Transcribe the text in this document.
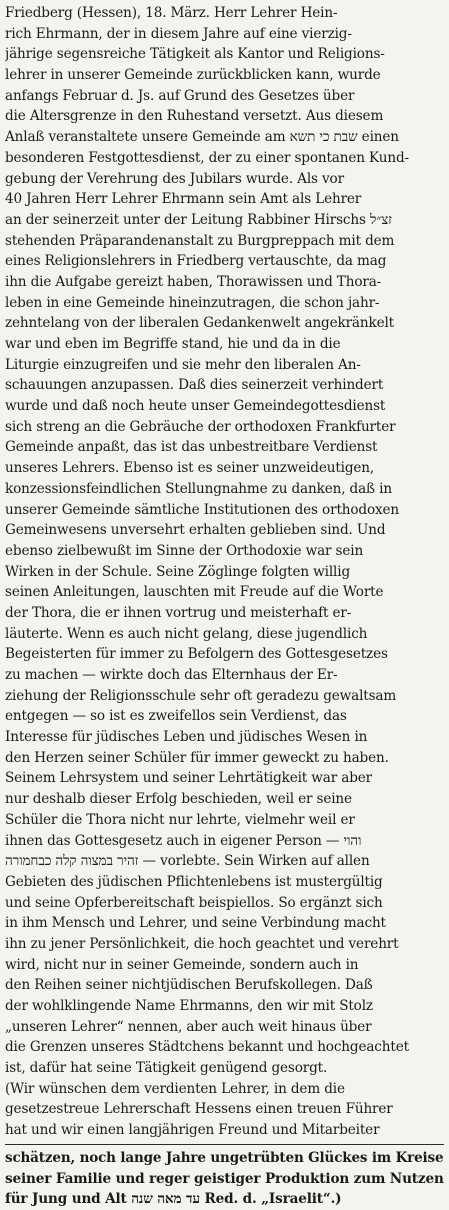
Friedberg (Hessen), 18. März. Herr Lehrer Hein-
rich Ehrmann, der in diesem Jahre auf eine vierzig-
jährige segensreiche Tätigkeit als Kantor und Religions-
lehrer in unserer Gemeinde zurückblicken kann, wurde
anfangs Februar d. Js. auf Grund des Gesetzes über
die Altersgrenze in den Ruhestand versetzt. Aus diesem
Anlaß veranstaltete unsere Gemeinde am שבת כי תשא einen
besonderen Festgottesdienst, der zu einer spontanen Kund-
gebung der Verehrung des Jubilars wurde. Als vor
40 Jahren Herr Lehrer Ehrmann sein Amt als Lehrer
an der seinerzeit unter der Leitung Rabbiner Hirschs זצ״ל
stehenden Präparandenanstalt zu Burgpreppach mit dem
eines Religionslehrers in Friedberg vertauschte, da mag
ihn die Aufgabe gereizt haben, Thorawissen und Thora-
leben in eine Gemeinde hineinzutragen, die schon jahr-
zehntelang von der liberalen Gedankenwelt angekränkelt
war und eben im Begriffe stand, hie und da in die
Liturgie einzugreifen und sie mehr den liberalen An-
schauungen anzupassen. Daß dies seinerzeit verhindert
wurde und daß noch heute unser Gemeindegottesdienst
sich streng an die Gebräuche der orthodoxen Frankfurter
Gemeinde anpaßt, das ist das unbestreitbare Verdienst
unseres Lehrers. Ebenso ist es seiner unzweideutigen,
konzessionsfeindlichen Stellungnahme zu danken, daß in
unserer Gemeinde sämtliche Institutionen des orthodoxen
Gemeinwesens unversehrt erhalten geblieben sind. Und
ebenso zielbewußt im Sinne der Orthodoxie war sein
Wirken in der Schule. Seine Zöglinge folgten willig
seinen Anleitungen, lauschten mit Freude auf die Worte
der Thora, die er ihnen vortrug und meisterhaft er-
läuterte. Wenn es auch nicht gelang, diese jugendlich
Begeisterten für immer zu Befolgern des Gottesgesetzes
zu machen — wirkte doch das Elternhaus der Er-
ziehung der Religionsschule sehr oft geradezu gewaltsam
entgegen — so ist es zweifellos sein Verdienst, das
Interesse für jüdisches Leben und jüdisches Wesen in
den Herzen seiner Schüler für immer geweckt zu haben.
Seinem Lehrsystem und seiner Lehrtätigkeit war aber
nur deshalb dieser Erfolg beschieden, weil er seine
Schüler die Thora nicht nur lehrte, vielmehr weil er
ihnen das Gottesgesetz auch in eigener Person — והוי
זהיר במצוה קלה כבחמורה — vorlebte. Sein Wirken auf allen
Gebieten des jüdischen Pflichtenlebens ist mustergültig
und seine Opferbereitschaft beispiellos. So ergänzt sich
in ihm Mensch und Lehrer, und seine Verbindung macht
ihn zu jener Persönlichkeit, die hoch geachtet und verehrt
wird, nicht nur in seiner Gemeinde, sondern auch in
den Reihen seiner nichtjüdischen Berufskollegen. Daß
der wohlklingende Name Ehrmanns, den wir mit Stolz
„unseren Lehrer“ nennen, aber auch weit hinaus über
die Grenzen unseres Städtchens bekannt und hochgeachtet
ist, dafür hat seine Tätigkeit genügend gesorgt.
(Wir wünschen dem verdienten Lehrer, in dem die
gesetzestreue Lehrerschaft Hessens einen treuen Führer
hat und wir einen langjährigen Freund und Mitarbeiter
schätzen, noch lange Jahre ungetrübten Glückes im Kreise
seiner Familie und reger geistiger Produktion zum Nutzen
für Jung und Alt עד מאה שנה Red. d. „Israelit“.)
